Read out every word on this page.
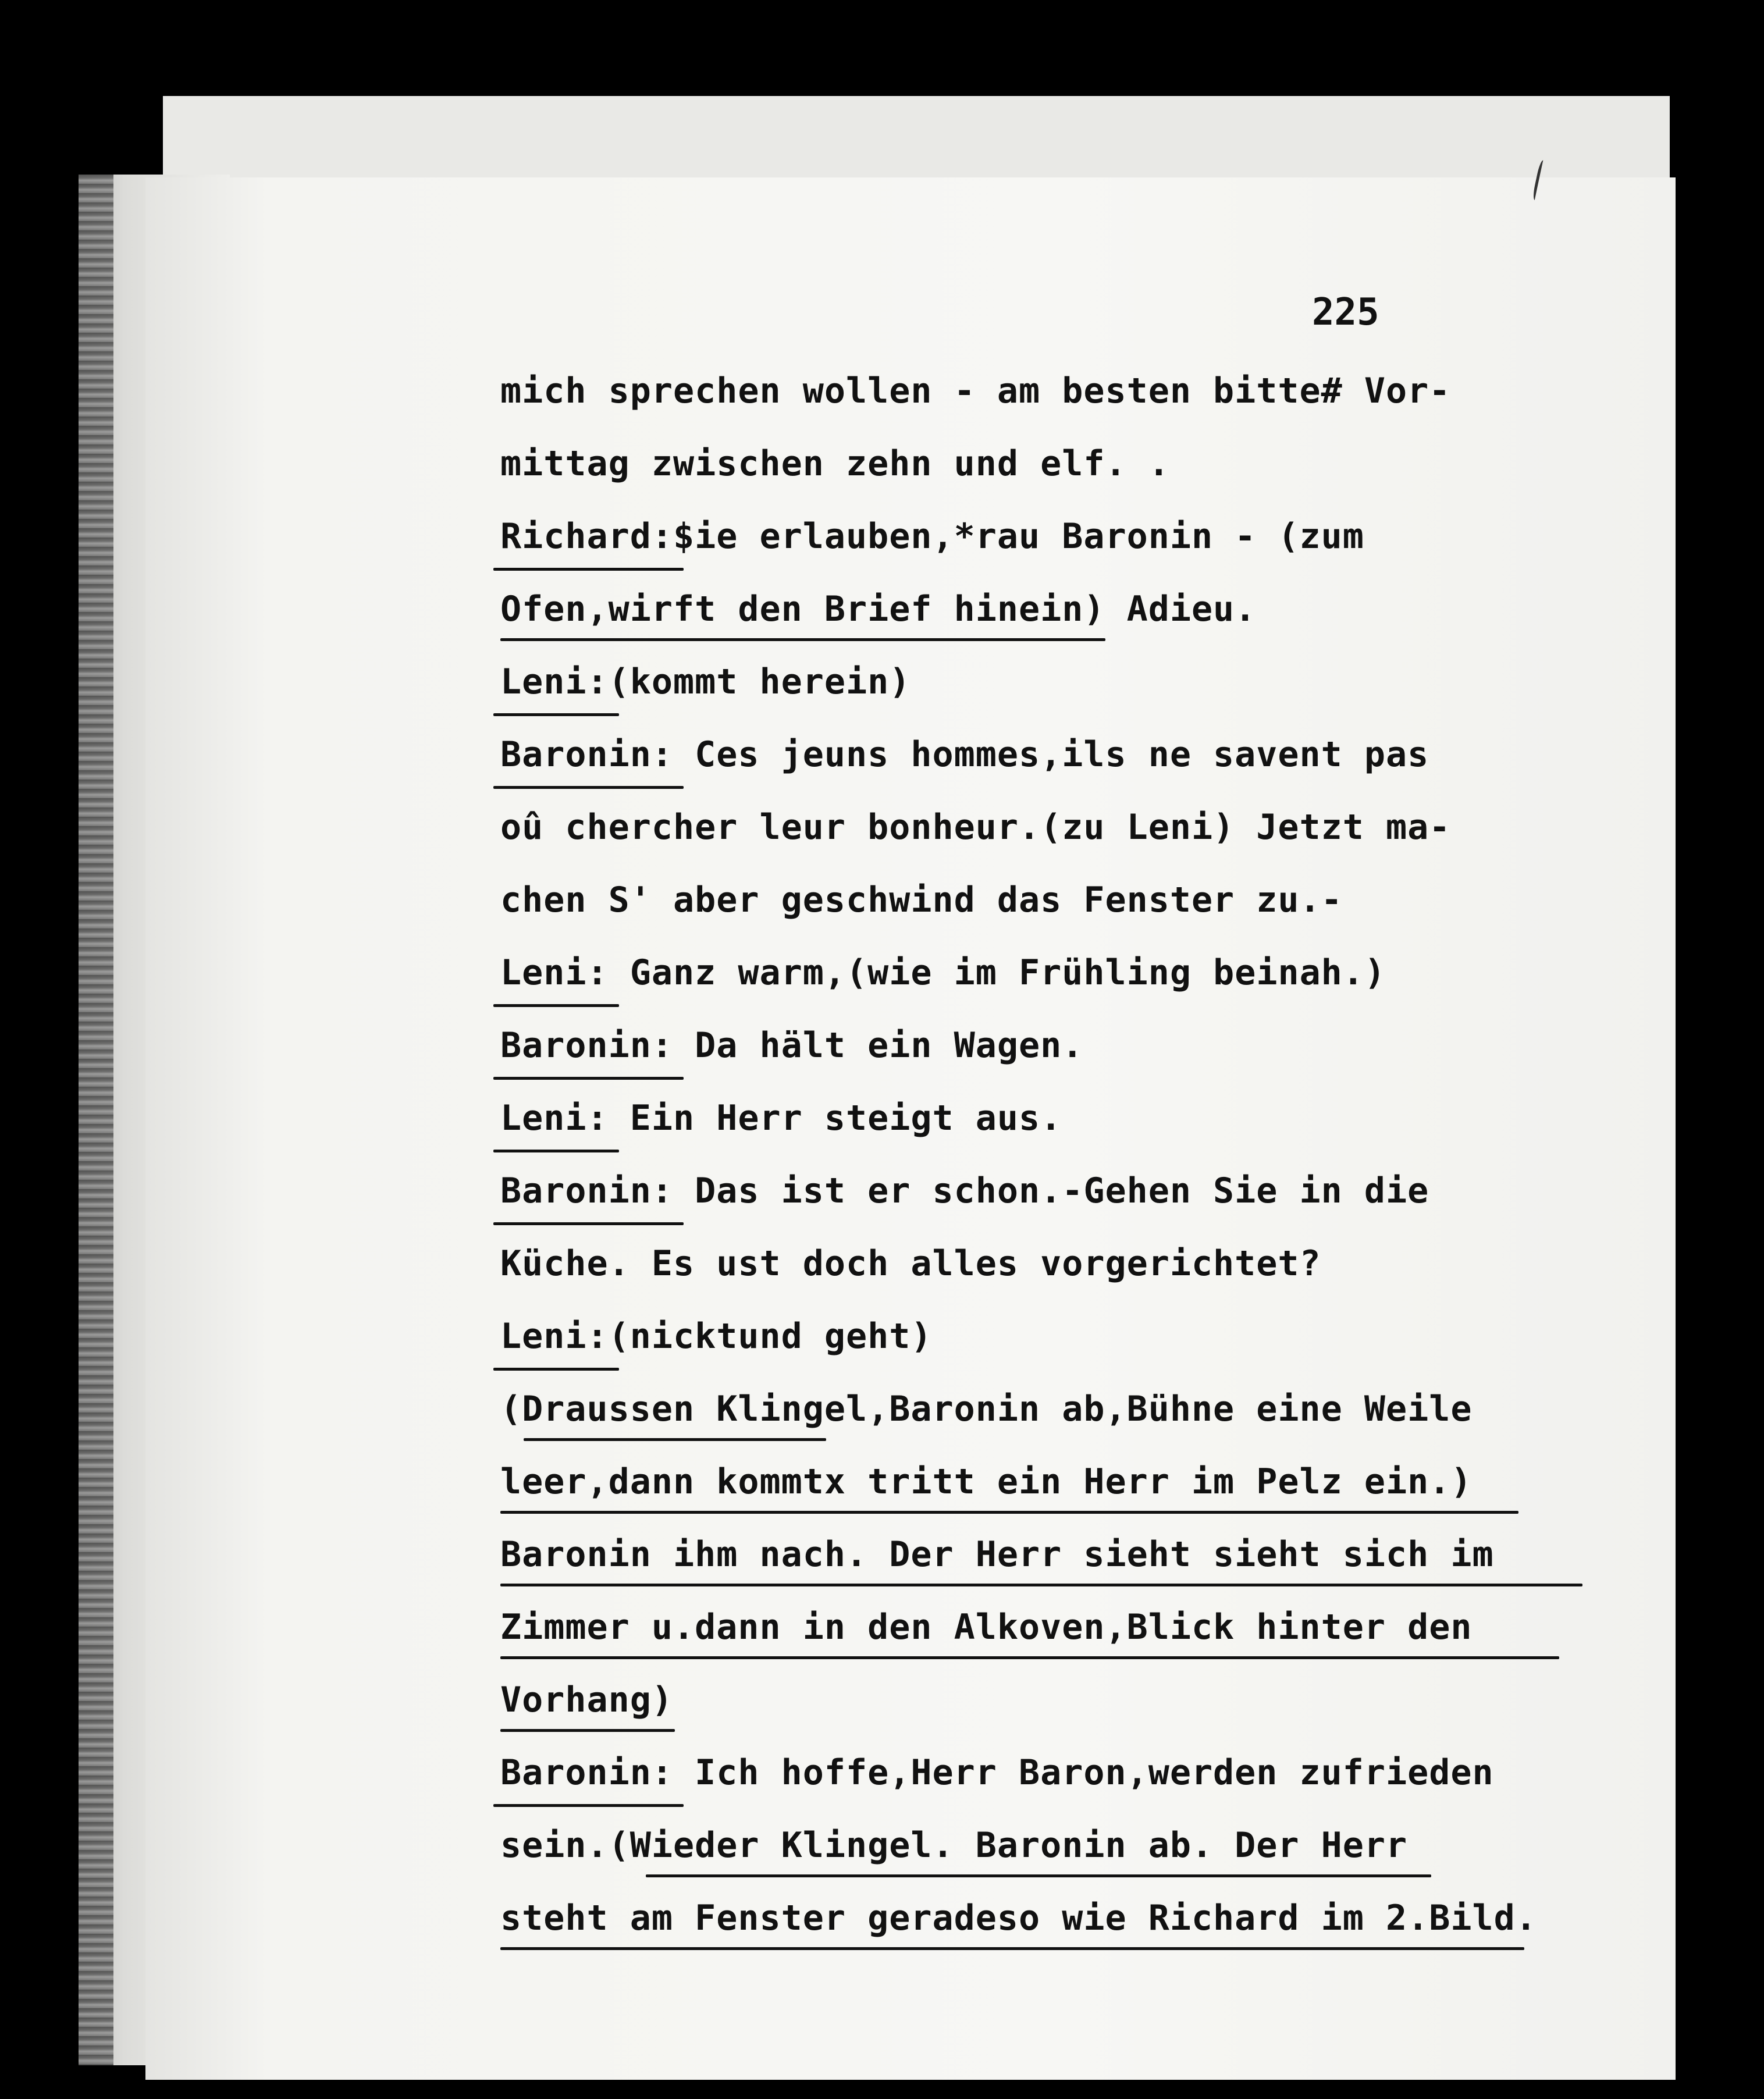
225
mich sprechen wollen - am besten bitte# Vor-
mittag zwischen zehn und elf. .
Richard:$ie erlauben,*rau Baronin - (zum
Ofen,wirft den Brief hinein) Adieu.
Leni:(kommt herein)
Baronin: Ces jeuns hommes,ils ne savent pas
oû chercher leur bonheur.(zu Leni) Jetzt ma-
chen S' aber geschwind das Fenster zu.-
Leni: Ganz warm,(wie im Frühling beinah.)
Baronin: Da hält ein Wagen.
Leni: Ein Herr steigt aus.
Baronin: Das ist er schon.-Gehen Sie in die
Küche. Es ust doch alles vorgerichtet?
Leni:(nicktund geht)
(Draussen Klingel,Baronin ab,Bühne eine Weile
leer,dann kommtx tritt ein Herr im Pelz ein.)
Baronin ihm nach. Der Herr sieht sieht sich im
Zimmer u.dann in den Alkoven,Blick hinter den
Vorhang)
Baronin: Ich hoffe,Herr Baron,werden zufrieden
sein.(Wieder Klingel. Baronin ab. Der Herr
steht am Fenster geradeso wie Richard im 2.Bild.
